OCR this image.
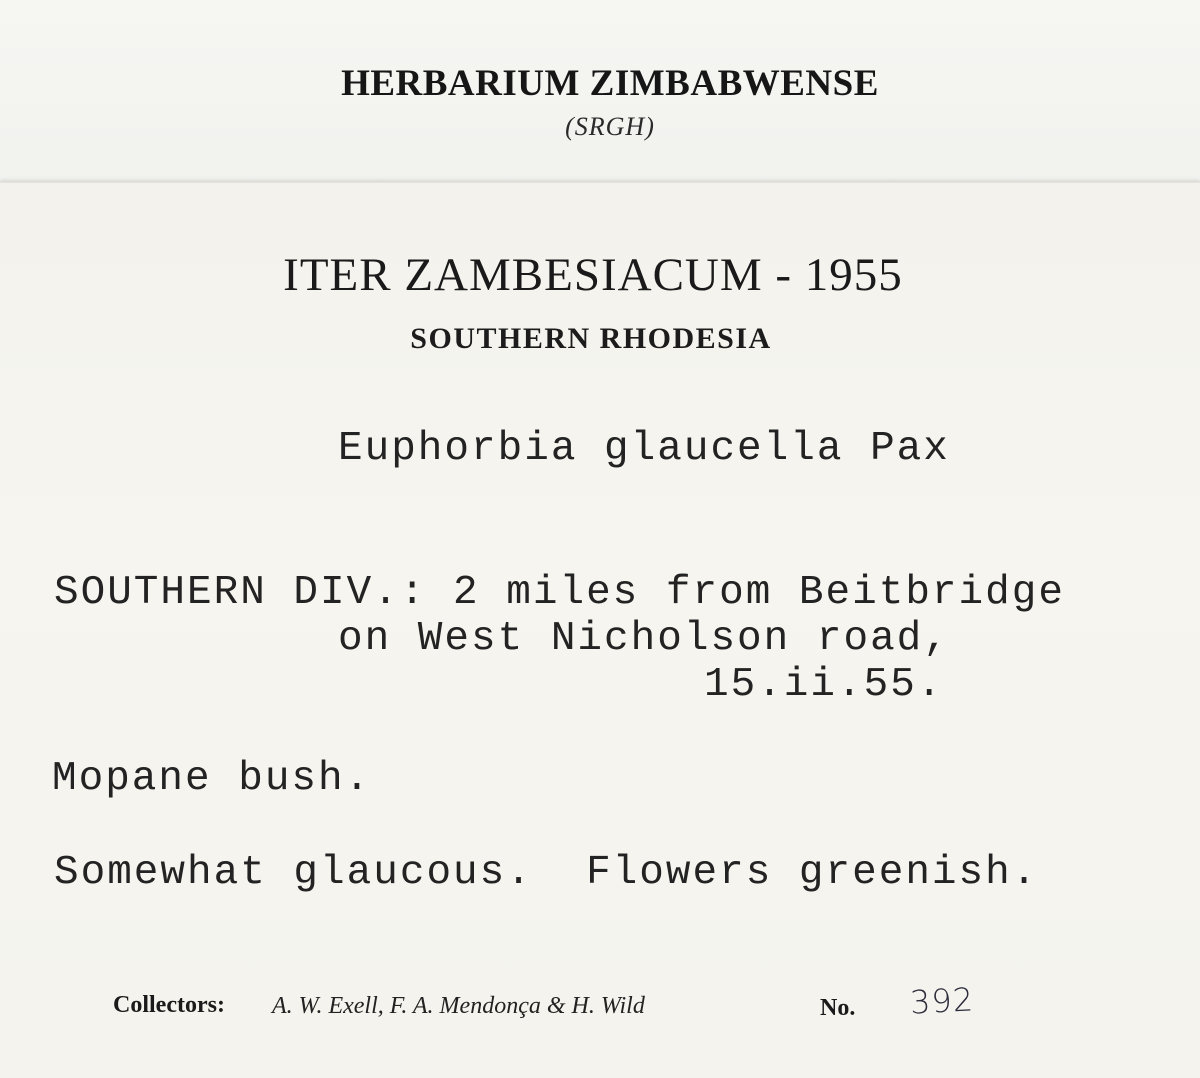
HERBARIUM ZIMBABWENSE
(SRGH)
ITER ZAMBESIACUM - 1955
SOUTHERN RHODESIA
Euphorbia glaucella Pax
SOUTHERN DIV.: 2 miles from Beitbridge
on West Nicholson road,
15.ii.55.
Mopane bush.
Somewhat glaucous.  Flowers greenish.
Collectors: A. W. Exell, F. A. Mendonça & H. Wild	No. 392
